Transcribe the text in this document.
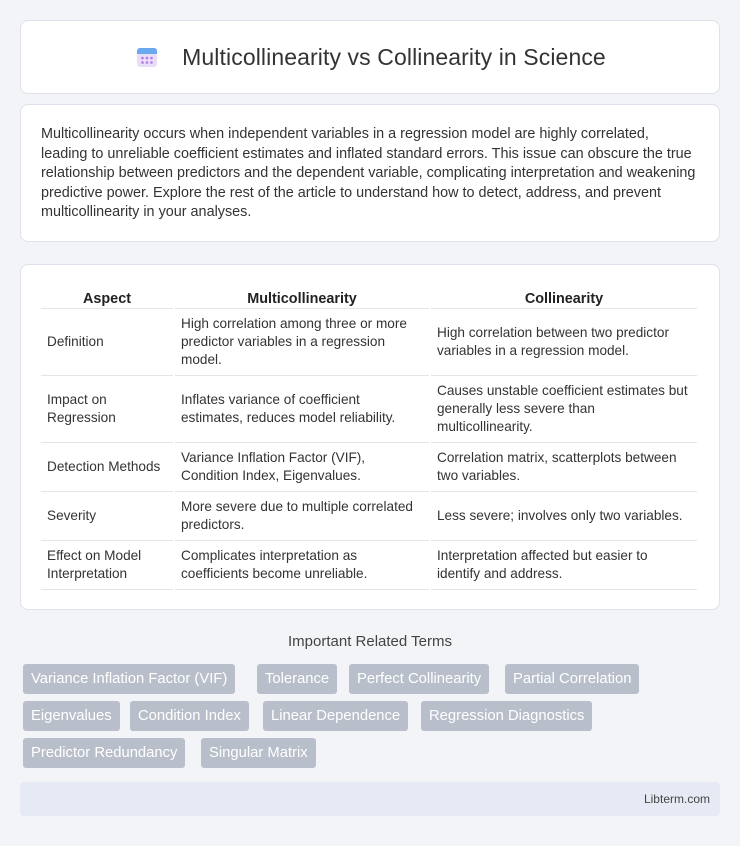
Multicollinearity vs Collinearity in Science

Multicollinearity occurs when independent variables in a regression model are highly correlated, leading to unreliable coefficient estimates and inflated standard errors. This issue can obscure the true relationship between predictors and the dependent variable, complicating interpretation and weakening predictive power. Explore the rest of the article to understand how to detect, address, and prevent multicollinearity in your analyses.

Aspect	Multicollinearity	Collinearity
Definition	High correlation among three or more predictor variables in a regression model.	High correlation between two predictor variables in a regression model.
Impact on Regression	Inflates variance of coefficient estimates, reduces model reliability.	Causes unstable coefficient estimates but generally less severe than multicollinearity.
Detection Methods	Variance Inflation Factor (VIF), Condition Index, Eigenvalues.	Correlation matrix, scatterplots between two variables.
Severity	More severe due to multiple correlated predictors.	Less severe; involves only two variables.
Effect on Model Interpretation	Complicates interpretation as coefficients become unreliable.	Interpretation affected but easier to identify and address.
Important Related Terms
Variance Inflation Factor (VIF)	Tolerance	Perfect Collinearity	Partial Correlation
Eigenvalues	Condition Index	Linear Dependence	Regression Diagnostics
Predictor Redundancy	Singular Matrix
Libterm.com
